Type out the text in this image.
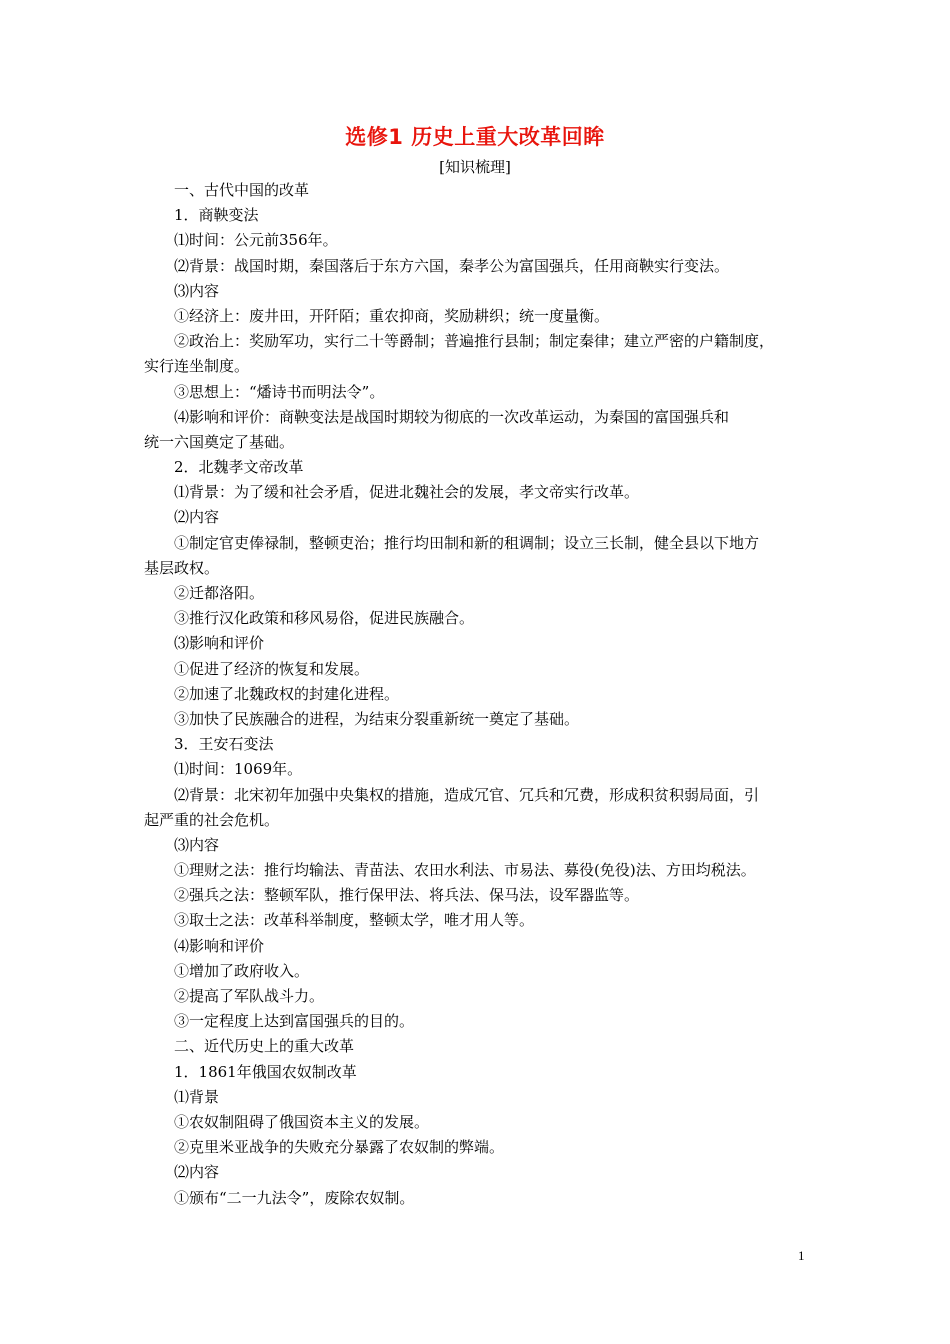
选修1 历史上重大改革回眸
[知识梳理]
一、古代中国的改革
1．商鞅变法
⑴时间：公元前356年。
⑵背景：战国时期，秦国落后于东方六国，秦孝公为富国强兵，任用商鞅实行变法。
⑶内容
①经济上：废井田，开阡陌；重农抑商，奖励耕织；统一度量衡。
②政治上：奖励军功，实行二十等爵制；普遍推行县制；制定秦律；建立严密的户籍制度，
实行连坐制度。
③思想上：“燔诗书而明法令”。
⑷影响和评价：商鞅变法是战国时期较为彻底的一次改革运动，为秦国的富国强兵和
统一六国奠定了基础。
2．北魏孝文帝改革
⑴背景：为了缓和社会矛盾，促进北魏社会的发展，孝文帝实行改革。
⑵内容
①制定官吏俸禄制，整顿吏治；推行均田制和新的租调制；设立三长制，健全县以下地方
基层政权。
②迁都洛阳。
③推行汉化政策和移风易俗，促进民族融合。
⑶影响和评价
①促进了经济的恢复和发展。
②加速了北魏政权的封建化进程。
③加快了民族融合的进程，为结束分裂重新统一奠定了基础。
3．王安石变法
⑴时间：1069年。
⑵背景：北宋初年加强中央集权的措施，造成冗官、冗兵和冗费，形成积贫积弱局面，引
起严重的社会危机。
⑶内容
①理财之法：推行均输法、青苗法、农田水利法、市易法、募役(免役)法、方田均税法。
②强兵之法：整顿军队，推行保甲法、将兵法、保马法，设军器监等。
③取士之法：改革科举制度，整顿太学，唯才用人等。
⑷影响和评价
①增加了政府收入。
②提高了军队战斗力。
③一定程度上达到富国强兵的目的。
二、近代历史上的重大改革
1．1861年俄国农奴制改革
⑴背景
①农奴制阻碍了俄国资本主义的发展。
②克里米亚战争的失败充分暴露了农奴制的弊端。
⑵内容
①颁布“二一九法令”，废除农奴制。
1
